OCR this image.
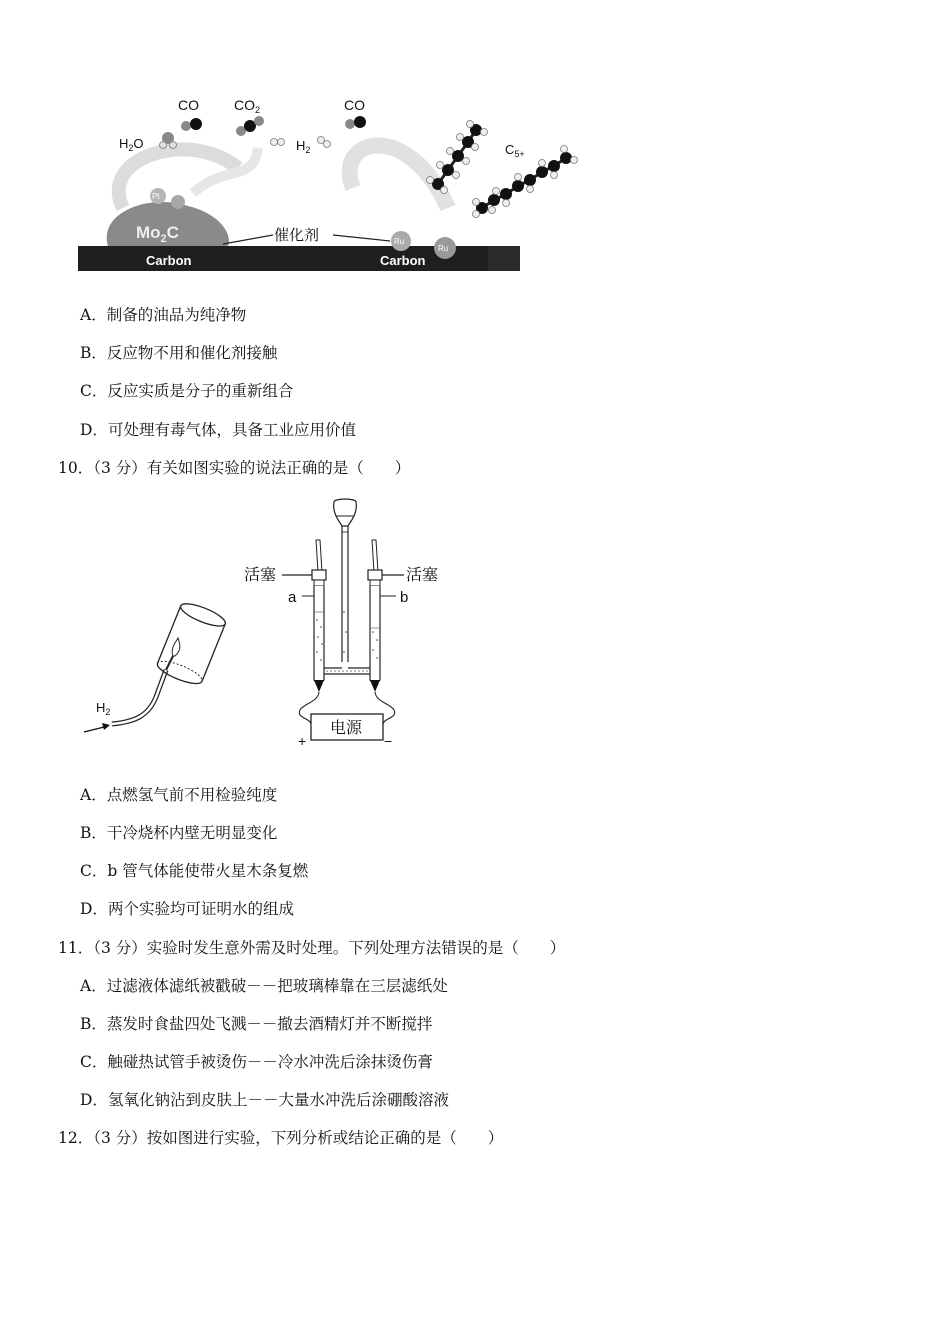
Carbon	Carbon
$Mo_2C$
Pt
Ru
Ru
催化剂
CO	$CO_2$	CO
$H_2O$	$H_2$	$C_{5+}$
A．制备的油品为纯净物
B．反应物不用和催化剂接触
C．反应实质是分子的重新组合
D．可处理有毒气体，具备工业应用价值
10．（3 分）有关如图实验的说法正确的是（　　）
$H_2$
活塞	活塞
a	b
电源
+	−
A．点燃氢气前不用检验纯度
B．干冷烧杯内壁无明显变化
C．b 管气体能使带火星木条复燃
D．两个实验均可证明水的组成
11．（3 分）实验时发生意外需及时处理。下列处理方法错误的是（　　）
A．过滤液体滤纸被戳破－－把玻璃棒靠在三层滤纸处
B．蒸发时食盐四处飞溅－－撤去酒精灯并不断搅拌
C．触碰热试管手被烫伤－－冷水冲洗后涂抹烫伤膏
D．氢氧化钠沾到皮肤上－－大量水冲洗后涂硼酸溶液
12．（3 分）按如图进行实验，下列分析或结论正确的是（　　）
